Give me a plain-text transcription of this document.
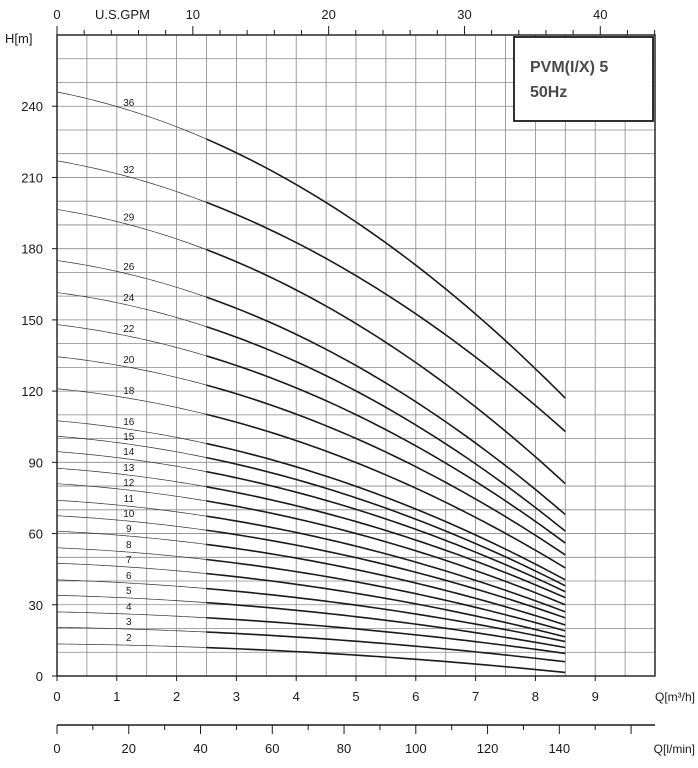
0	10	20	30	40
U.S.GPM
0
30
60
90
120
150
180
210
240
H[m]
0	1	2	3	4	5	6	7	8	9	Q[m³/h]
0	20	40	60	80	100	120	140	Q[l/min]
2
3
4
5
6
7
8
9
10
11
12
13
14
15
16
18
20
22
24
26
29
32
36
PVM(I/X) 5
50Hz
